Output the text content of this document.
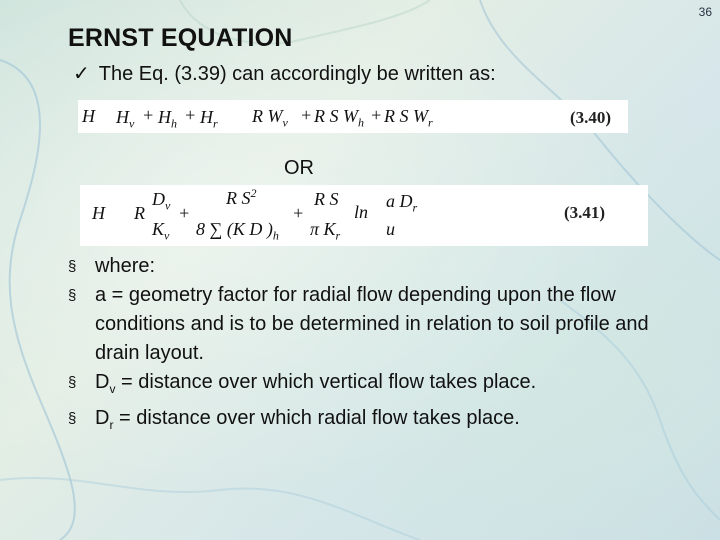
36
ERNST EQUATION
✓ The Eq. (3.39) can accordingly be written as:
H $H_v + H_h + H_r$ R $W_v + R$ S $W_h + R$ S $W_r$	(3.40)
OR
H R
$D_v$
$K_v$
+
R $S^2$
8 ∑ (K D )$_h$
+
R S
π $K_r$
ln
a $D_r$
u
(3.41)
§ where:
§ a = geometry factor for radial flow depending upon the flow conditions and is to be determined in relation to soil profile and drain layout.
§ $D_v$ = distance over which vertical flow takes place.
§ $D_r$ = distance over which radial flow takes place.
